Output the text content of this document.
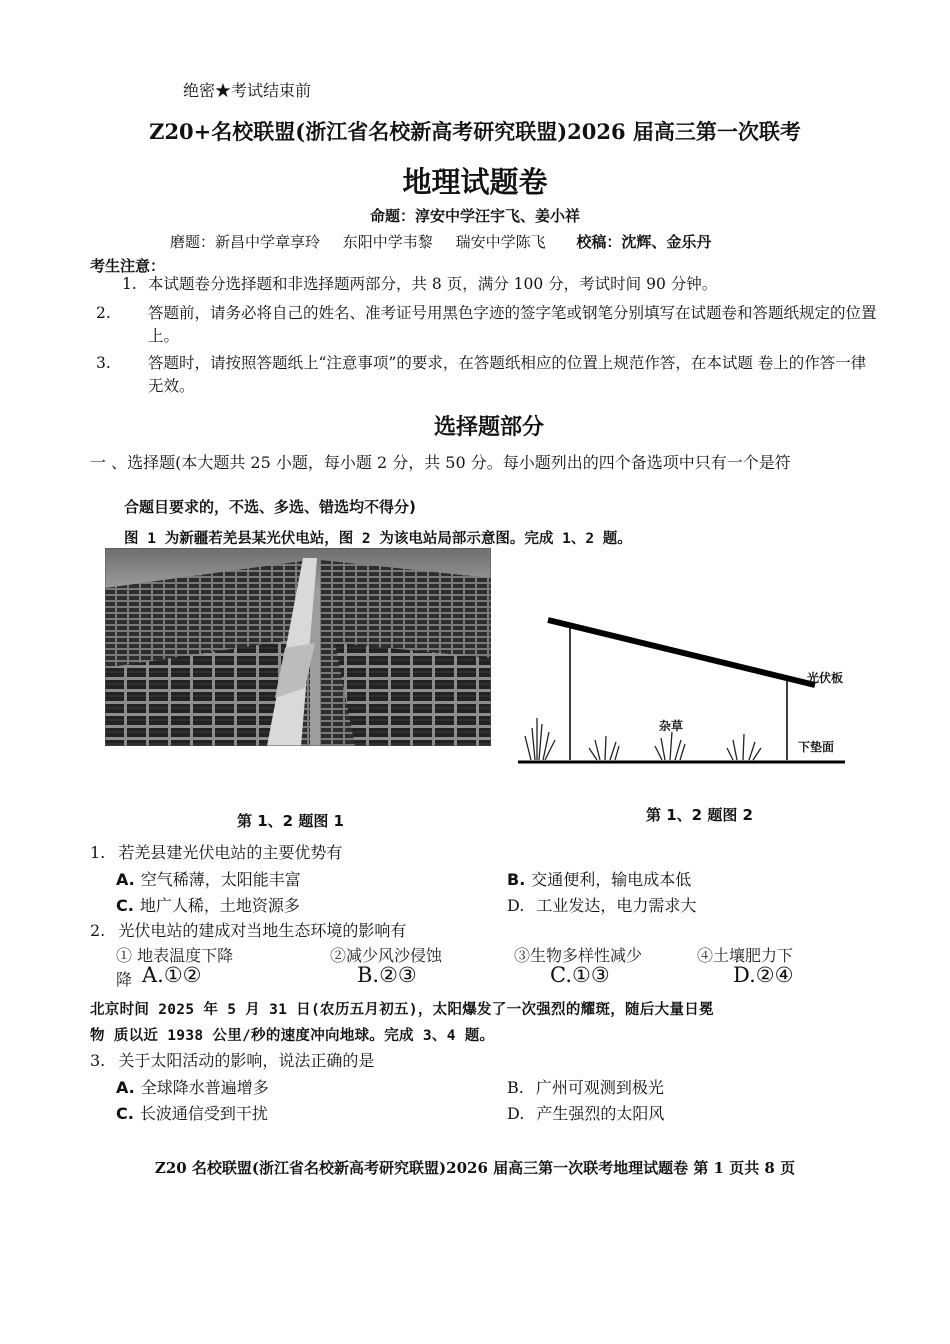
绝密★考试结束前
Z20+名校联盟(浙江省名校新高考研究联盟)2026 届高三第一次联考
地理试题卷
命题：淳安中学汪宇飞、姜小祥
磨题：新昌中学章享玲 东阳中学韦黎 瑞安中学陈飞 校稿：沈辉、金乐丹
考生注意：
1. 本试题卷分选择题和非选择题两部分，共 8 页，满分 100 分，考试时间 90 分钟。
2. 答题前，请务必将自己的姓名、准考证号用黑色字迹的签字笔或钢笔分别填写在试题卷和答题纸规定的位置上。
3. 答题时，请按照答题纸上“注意事项”的要求，在答题纸相应的位置上规范作答，在本试题 卷上的作答一律无效。
选择题部分
一 、选择题(本大题共 25 小题，每小题 2 分，共 50 分。每小题列出的四个备选项中只有一个是符
合题目要求的，不选、多选、错选均不得分)
图 1 为新疆若羌县某光伏电站，图 2 为该电站局部示意图。完成 1、2 题。
光伏板
杂草
下垫面
第 1、2 题图 1	第 1、2 题图 2
1. 若羌县建光伏电站的主要优势有
A. 空气稀薄，太阳能丰富	B. 交通便利，输电成本低
C. 地广人稀，土地资源多	D. 工业发达，电力需求大
2. 光伏电站的建成对当地生态环境的影响有
① 地表温度下降	②减少风沙侵蚀	③生物多样性减少	④土壤肥力下
降 A.①②	B.②③	C.①③	D.②④
北京时间 2025 年 5 月 31 日(农历五月初五)，太阳爆发了一次强烈的耀斑，随后大量日冕
物 质以近 1938 公里/秒的速度冲向地球。完成 3、4 题。
3. 关于太阳活动的影响，说法正确的是
A. 全球降水普遍增多	B. 广州可观测到极光
C. 长波通信受到干扰	D. 产生强烈的太阳风
Z20 名校联盟(浙江省名校新高考研究联盟)2026 届高三第一次联考地理试题卷 第 1 页共 8 页
